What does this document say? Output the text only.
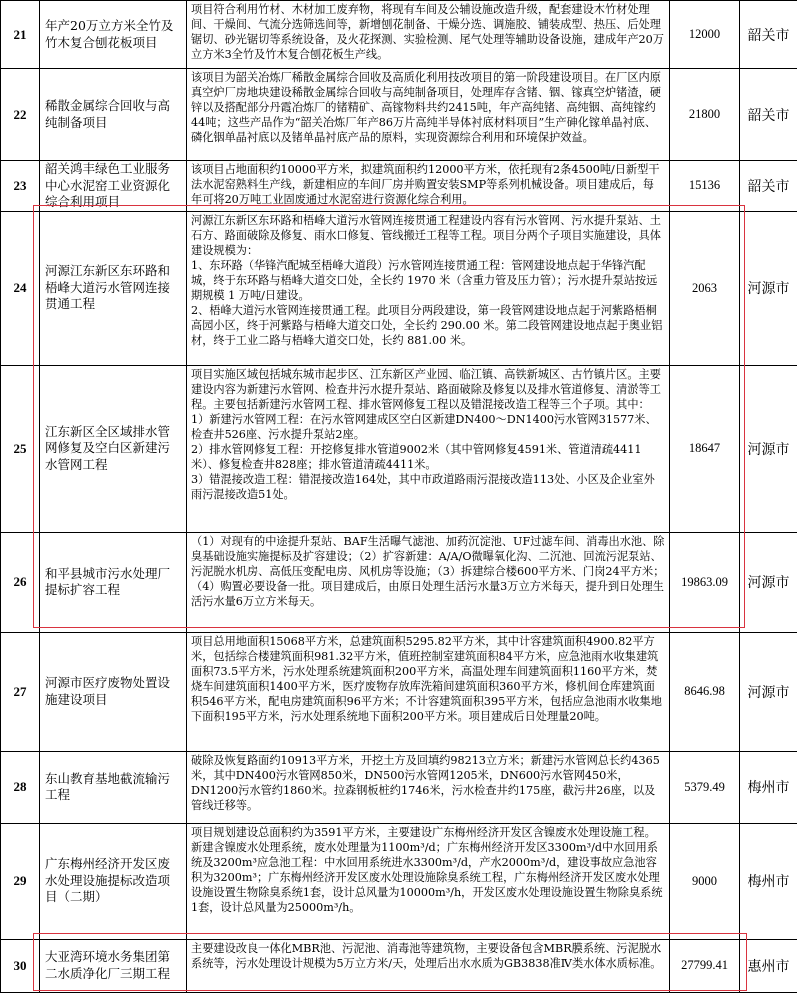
21	年产20万立方米全竹及竹木复合刨花板项目	项目符合利用竹材、木材加工废弃物，将现有车间及公辅设施改造升级，配套建设木竹材处理间、干燥间、气流分选筛选间等，新增刨花制备、干燥分选、调施胶、铺装成型、热压、后处理锯切、砂光锯切等系统设备，及火花探测、实验检测、尾气处理等辅助设备设施，建成年产20万立方米3全竹及竹木复合刨花板生产线。	12000	韶关市
22	稀散金属综合回收与高纯制备项目	该项目为韶关冶炼厂稀散金属综合回收及高质化利用技改项目的第一阶段建设项目。在厂区内原真空炉厂房地块建设稀散金属综合回收与高纯制备项目，处理库存含锗、铟、镓真空炉锗渣，硬锌以及搭配部分丹霞冶炼厂的锗精矿、高镓物料共约2415吨，年产高纯锗、高纯铟、高纯镓约44吨；这些产品作为“韶关冶炼厂年产86万片高纯半导体衬底材料项目”生产砷化镓单晶衬底、磷化铟单晶衬底以及锗单晶衬底产品的原料，实现资源综合利用和环境保护效益。	21800	韶关市
23	韶关鸿丰绿色工业服务中心水泥窑工业资源化综合利用项目	该项目占地面积约10000平方米，拟建筑面积约12000平方米，依托现有2条4500吨/日新型干法水泥窑熟料生产线，新建相应的车间厂房并购置安装SMP等系列机械设备。项目建成后，每年可将20万吨工业固废通过水泥窑进行资源化综合利用。	15136	韶关市
24	河源江东新区东环路和梧峰大道污水管网连接贯通工程	河源江东新区东环路和梧峰大道污水管网连接贯通工程建设内容有污水管网、污水提升泵站、土石方、路面破除及修复、雨水口修复、管线搬迁工程等工程。项目分两个子项目实施建设，具体建设规模为：
1、东环路（华锋汽配城至梧峰大道段）污水管网连接贯通工程：管网建设地点起于华锋汽配城，终于东环路与梧峰大道交口处，全长约 1970 米（含重力管及压力管）；污水提升泵站按远期规模 1 万吨/日建设。
2、梧峰大道污水管网连接贯通工程。此项目分两段建设，第一段管网建设地点起于河紫路梧桐高园小区，终于河紫路与梧峰大道交口处，全长约 290.00 米。第二段管网建设地点起于奥业铝材，终于工业二路与梧峰大道交口处，长约 881.00 米。	2063	河源市
25	江东新区全区域排水管网修复及空白区新建污水管网工程	项目实施区域包括城东城市起步区、江东新区产业园、临江镇、高铁新城区、古竹镇片区。主要建设内容为新建污水管网、检查井污水提升泵站、路面破除及修复以及排水管道修复、清淤等工程。主要包括新建污水管网工程、排水管网修复工程以及错混接改造工程等三个子项。其中：
1）新建污水管网工程：在污水管网建成区空白区新建DN400～DN1400污水管网31577米、检查井526座、污水提升泵站2座。
2）排水管网修复工程：开挖修复排水管道9002米（其中管网修复4591米、管道清疏4411米）、修复检查井828座；排水管道清疏4411米。
3）错混接改造工程：错混接改造164处，其中市政道路雨污混接改造113处、小区及企业室外雨污混接改造51处。	18647	河源市
26	和平县城市污水处理厂提标扩容工程	（1）对现有的中途提升泵站、BAF生活曝气滤池、加药沉淀池、UF过滤车间、消毒出水池、除臭基础设施实施提标及扩容建设；（2）扩容新建：A/A/O微曝氧化沟、二沉池、回流污泥泵站、污泥脱水机房、高低压变配电房、风机房等设施；（3）拆建综合楼600平方米、门岗24平方米；（4）购置必要设备一批。项目建成后，由原日处理生活污水量3万立方米每天，提升到日处理生活污水量6万立方米每天。	19863.09	河源市
27	河源市医疗废物处置设施建设项目	项目总用地面积15068平方米，总建筑面积5295.82平方米，其中计容建筑面积4900.82平方米，包括综合楼建筑面积981.32平方米，值班控制室建筑面积84平方米，应急池雨水收集建筑面积73.5平方米，污水处理系统建筑面积200平方米，高温处理车间建筑面积1160平方米，焚烧车间建筑面积1400平方米，医疗废物存放库洗箱间建筑面积360平方米，修机间仓库建筑面积546平方米，配电房建筑面积96平方米；不计容建筑面积395平方米，包括应急池雨水收集地下面积195平方米，污水处理系统地下面积200平方米。项目建成后日处理量20吨。	8646.98	河源市
28	东山教育基地截流输污工程	破除及恢复路面约10913平方米，开挖土方及回填约98213立方米；新建污水管网总长约4365米，其中DN400污水管网850米，DN500污水管网1205米，DN600污水管网450米，DN1200污水管约1860米。拉森钢板桩约1746米，污水检查井约175座，截污井26座，以及管线迁移等。	5379.49	梅州市
29	广东梅州经济开发区废水处理设施提标改造项目（二期）	项目规划建设总面积约为3591平方米，主要建设广东梅州经济开发区含镍废水处理设施工程。新建含镍废水处理系统，废水处理量为1100m³/d；广东梅州经济开发区3300m³/d中水回用系统及3200m³应急池工程：中水回用系统进水3300m³/d，产水2000m³/d，建设事故应急池容积为3200m³；广东梅州经济开发区废水处理设施除臭系统工程，广东梅州经济开发区废水处理设施设置生物除臭系统1套，设计总风量为10000m³/h，开发区废水处理设施设置生物除臭系统1套，设计总风量为25000m³/h。	9000	梅州市
30	大亚湾环境水务集团第二水质净化厂三期工程	主要建设改良一体化MBR池、污泥池、消毒池等建筑物，主要设备包含MBR膜系统、污泥脱水系统等，污水处理设计规模为5万立方米/天，处理后出水水质为GB3838准Ⅳ类水体水质标准。	27799.41	惠州市
